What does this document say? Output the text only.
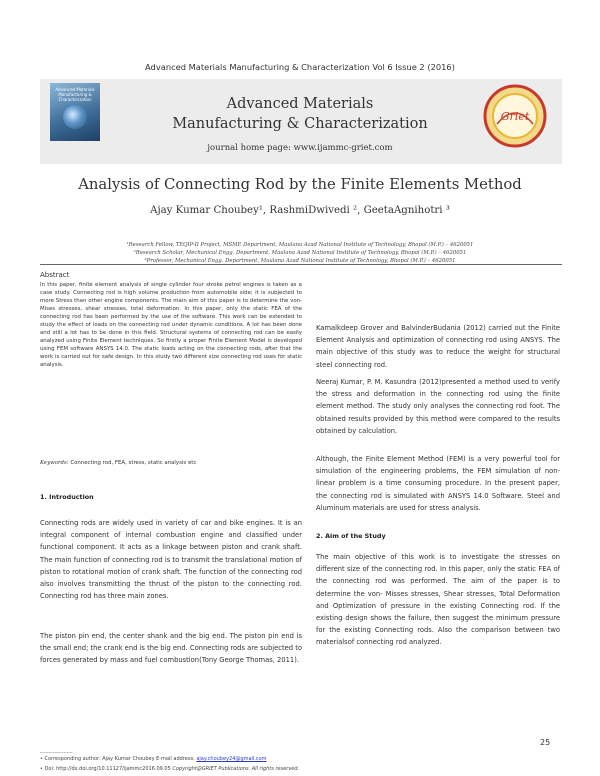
Advanced Materials Manufacturing & Characterization Vol 6 Issue 2 (2016)
Advanced Materials Manufacturing & Characterization	Advanced Materials
Manufacturing & Characterization
journal home page: www.ijammc-griet.com
Griet
Analysis of Connecting Rod by the Finite Elements Method
Ajay Kumar Choubey¹, RashmiDwivedi ², GeetaAgnihotri ³
¹Research Fellow, TEQIP-II Project, MSME Department, Maulana Azad National Institute of Technology, Bhopal (M.P.) – 4620051
²Research Scholar, Mechanical Engg. Department, Maulana Azad National Institute of Technology, Bhopal (M.P.) – 4620051
³Professor, Mechanical Engg. Department, Maulana Azad National Institute of Technology, Bhopal (M.P.) – 4620051
Abstract
In this paper, finite element analysis of single cylinder four stroke petrol engines is taken as a case study. Connecting rod is high volume production from automobile side; it is subjected to more Stress than other engine components. The main aim of this paper is to determine the von-Mises stresses, shear stresses, total deformation. In this paper, only the static FEA of the connecting rod has been performed by the use of the software. This work can be extended to study the effect of loads on the connecting rod under dynamic conditions. A lot has been done and still a lot has to be done in this field. Structural systems of connecting rod can be easily analyzed using Finite Element techniques. So firstly a proper Finite Element Model is developed using FEM software ANSYS 14.0. The static loads acting on the connecting rods, after that the work is carried out for safe design. In this study two different size connecting rod uses for static analysis.
Keywords: Connecting rod, FEA, stress, static analysis etc
1. Introduction
Connecting rods are widely used in variety of car and bike engines. It is an integral component of internal combustion engine and classified under functional component. It acts as a linkage between piston and crank shaft. The main function of connecting rod is to transmit the translational motion of piston to rotational motion of crank shaft. The function of the connecting rod also involves transmitting the thrust of the piston to the connecting rod. Connecting rod has three main zones.
The piston pin end, the center shank and the big end. The piston pin end is the small end; the crank end is the big end. Connecting rods are subjected to forces generated by mass and fuel combustion(Tony George Thomas, 2011).
Kamalkdeep Grover and BalvinderBudania (2012) carried out the Finite Element Analysis and optimization of connecting rod using ANSYS. The main objective of this study was to reduce the weight for structural steel connecting rod.
Neeraj Kumar, P. M. Kasundra (2012)presented a method used to verify the stress and deformation in the connecting rod using the finite element method. The study only analyses the connecting rod foot. The obtained results provided by this method were compared to the results obtained by calculation.
Although, the Finite Element Method (FEM) is a very powerful tool for simulation of the engineering problems, the FEM simulation of non-linear problem is a time consuming procedure. In the present paper, the connecting rod is simulated with ANSYS 14.0 Software. Steel and Aluminum materials are used for stress analysis.
2. Aim of the Study
The main objective of this work is to investigate the stresses on different size of the connecting rod. In this paper, only the static FEA of the connecting rod was performed. The aim of the paper is to determine the von- Misses stresses, Shear stresses, Total Deformation and Optimization of pressure in the existing Connecting rod. If the existing design shows the failure, then suggest the minimum pressure for the existing Connecting rods. Also the comparison between two materialsof connecting rod analyzed.
25
___________
• Corresponding author: Ajay Kumar Choubey E-mail address: ajay.choubey24@gmail.com
• Doi: http://dx.doi.org/10.11127/ijammc2016.09.05 Copyright@GRIET Publications. All rights reserved.
